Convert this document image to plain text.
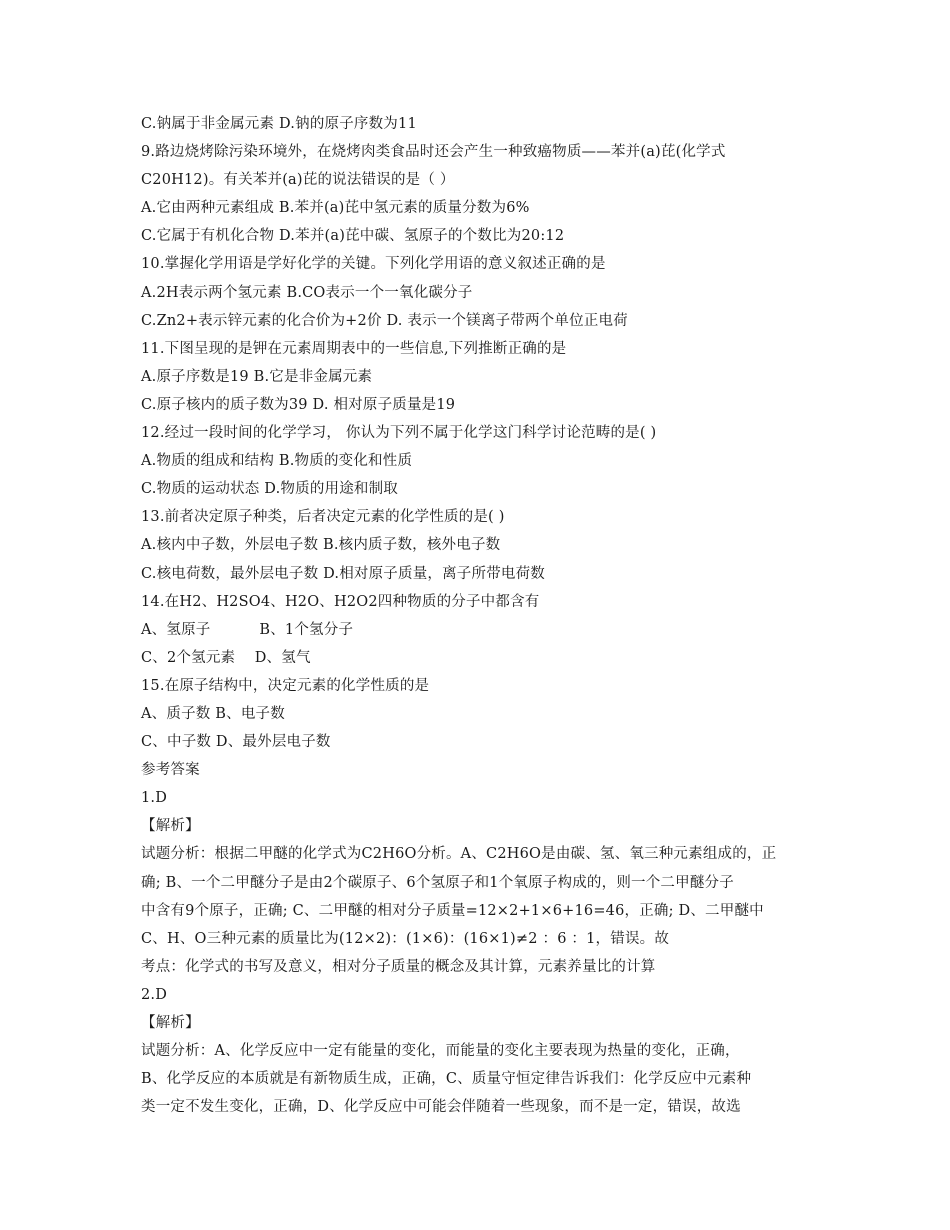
C.钠属于非金属元素 D.钠的原子序数为11
9.路边烧烤除污染环境外，在烧烤肉类食品时还会产生一种致癌物质——苯并(a)芘(化学式
C20H12)。有关苯并(a)芘的说法错误的是（ ）
A.它由两种元素组成 B.苯并(a)芘中氢元素的质量分数为6%
C.它属于有机化合物 D.苯并(a)芘中碳、氢原子的个数比为20:12
10.掌握化学用语是学好化学的关键。下列化学用语的意义叙述正确的是
A.2H表示两个氢元素 B.CO表示一个一氧化碳分子
C.Zn2+表示锌元素的化合价为+2价 D. 表示一个镁离子带两个单位正电荷
11.下图呈现的是钾在元素周期表中的一些信息,下列推断正确的是
A.原子序数是19 B.它是非金属元素
C.原子核内的质子数为39 D. 相对原子质量是19
12.经过一段时间的化学学习， 你认为下列不属于化学这门科学讨论范畴的是( )
A.物质的组成和结构 B.物质的变化和性质
C.物质的运动状态 D.物质的用途和制取
13.前者决定原子种类，后者决定元素的化学性质的是( )
A.核内中子数，外层电子数 B.核内质子数，核外电子数
C.核电荷数，最外层电子数 D.相对原子质量，离子所带电荷数
14.在H2、H2SO4、H2O、H2O2四种物质的分子中都含有
A、氢原子　　　 B、1个氢分子
C、2个氢元素　 D、氢气
15.在原子结构中，决定元素的化学性质的是
A、质子数 B、电子数
C、中子数 D、最外层电子数
参考答案
1.D
【解析】
试题分析：根据二甲醚的化学式为C2H6O分析。A、C2H6O是由碳、氢、氧三种元素组成的，正
确; B、一个二甲醚分子是由2个碳原子、6个氢原子和1个氧原子构成的，则一个二甲醚分子
中含有9个原子，正确; C、二甲醚的相对分子质量=12×2+1×6+16=46，正确; D、二甲醚中
C、H、O三种元素的质量比为(12×2)：(1×6)：(16×1)≠2 ：6 ：1，错误。故
考点：化学式的书写及意义，相对分子质量的概念及其计算，元素养量比的计算
2.D
【解析】
试题分析：A、化学反应中一定有能量的变化，而能量的变化主要表现为热量的变化，正确，
B、化学反应的本质就是有新物质生成，正确，C、质量守恒定律告诉我们：化学反应中元素种
类一定不发生变化，正确，D、化学反应中可能会伴随着一些现象，而不是一定，错误，故选
